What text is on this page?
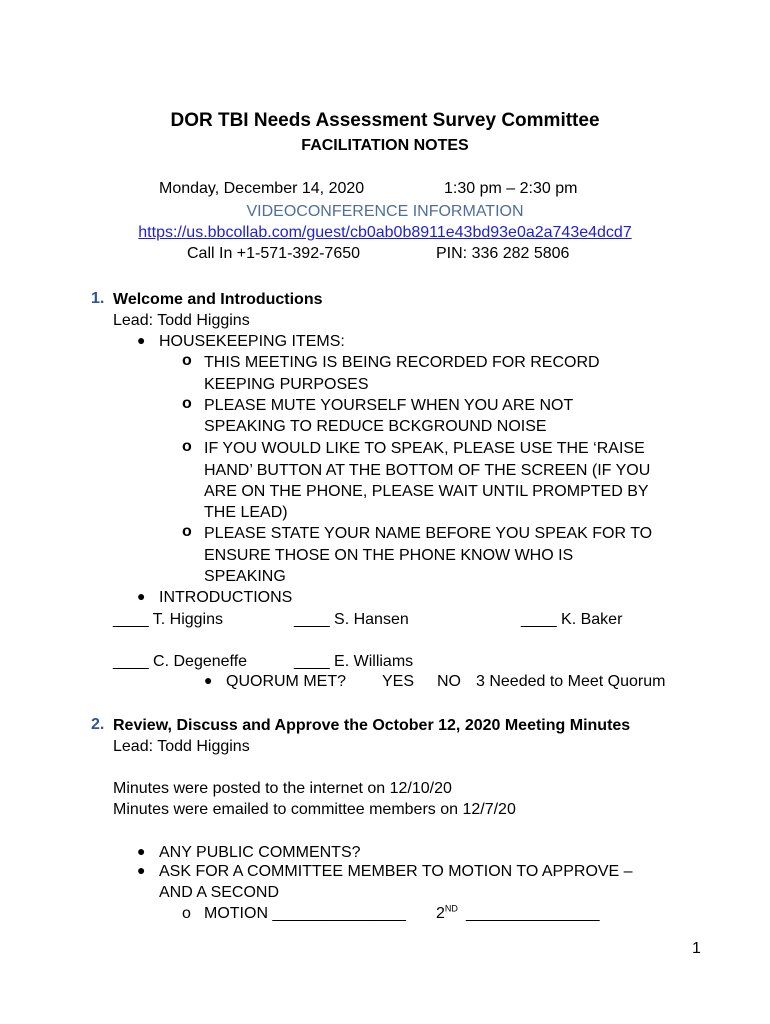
DOR TBI Needs Assessment Survey Committee
FACILITATION NOTES
Monday, December 14, 2020	1:30 pm – 2:30 pm
VIDEOCONFERENCE INFORMATION
https://us.bbcollab.com/guest/cb0ab0b8911e43bd93e0a2a743e4dcd7
Call In +1-571-392-7650	PIN: 336 282 5806
1. Welcome and Introductions
Lead: Todd Higgins
● HOUSEKEEPING ITEMS:
o THIS MEETING IS BEING RECORDED FOR RECORD
KEEPING PURPOSES
o PLEASE MUTE YOURSELF WHEN YOU ARE NOT
SPEAKING TO REDUCE BCKGROUND NOISE
o IF YOU WOULD LIKE TO SPEAK, PLEASE USE THE ‘RAISE
HAND’ BUTTON AT THE BOTTOM OF THE SCREEN (IF YOU
ARE ON THE PHONE, PLEASE WAIT UNTIL PROMPTED BY
THE LEAD)
o PLEASE STATE YOUR NAME BEFORE YOU SPEAK FOR TO
ENSURE THOSE ON THE PHONE KNOW WHO IS
SPEAKING
● INTRODUCTIONS
____ T. Higgins	____ S. Hansen	____ K. Baker
____ C. Degeneffe	____ E. Williams
● QUORUM MET? YES NO 3 Needed to Meet Quorum
2. Review, Discuss and Approve the October 12, 2020 Meeting Minutes
Lead: Todd Higgins
Minutes were posted to the internet on 12/10/20
Minutes were emailed to committee members on 12/7/20
● ANY PUBLIC COMMENTS?
● ASK FOR A COMMITTEE MEMBER TO MOTION TO APPROVE –
AND A SECOND
o MOTION _______________ 2ND _______________
1
